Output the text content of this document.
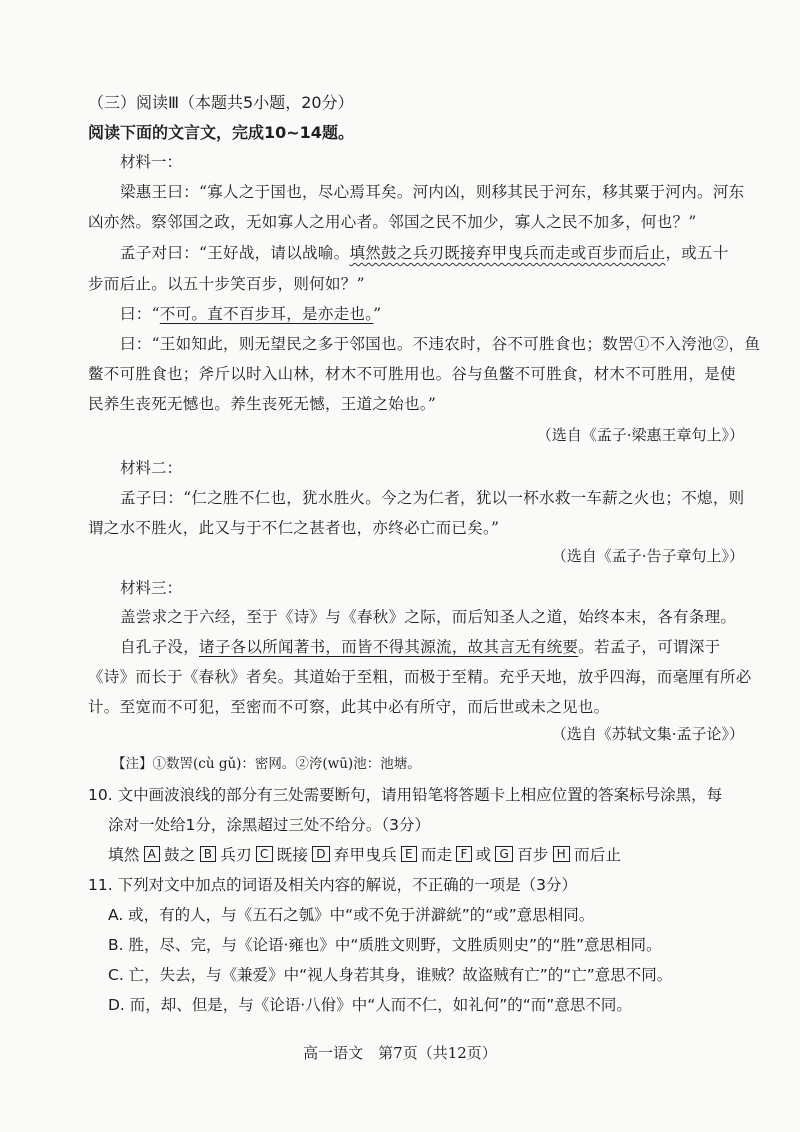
（三）阅读Ⅲ（本题共5小题，20分）
阅读下面的文言文，完成10~14题。
材料一：
梁惠王曰：“寡人之于国也，尽心焉耳矣。河内凶，则移其民于河东，移其粟于河内。河东
凶亦然。察邻国之政，无如寡人之用心者。邻国之民不加少，寡人之民不加多，何也？”
孟子对曰：“王好战，请以战喻。填然鼓之兵刃既接弃甲曳兵而走或百步而后止，或五十
步而后止。以五十步笑百步，则何如？”
曰：“不可。直不百步耳，是亦走也。”
曰：“王如知此，则无望民之多于邻国也。不违农时，谷不可胜食也；数罟①不入洿池②，鱼
鳖不可胜食也；斧斤以时入山林，材木不可胜用也。谷与鱼鳖不可胜食，材木不可胜用，是使
民养生丧死无憾也。养生丧死无憾，王道之始也。”
（选自《孟子·梁惠王章句上》）
材料二：
孟子曰：“仁之胜不仁也，犹水胜火。今之为仁者，犹以一杯水救一车薪之火也；不熄，则
谓之水不胜火，此又与于不仁之甚者也，亦终必亡而已矣。”
（选自《孟子·告子章句上》）
材料三：
盖尝求之于六经，至于《诗》与《春秋》之际，而后知圣人之道，始终本末，各有条理。
自孔子没，诸子各以所闻著书，而皆不得其源流，故其言无有统要。若孟子，可谓深于
《诗》而长于《春秋》者矣。其道始于至粗，而极于至精。充乎天地，放乎四海，而毫厘有所必
计。至宽而不可犯，至密而不可察，此其中必有所守，而后世或未之见也。
（选自《苏轼文集·孟子论》）
【注】①数罟(cù gǔ)：密网。②洿(wū)池：池塘。
10. 文中画波浪线的部分有三处需要断句，请用铅笔将答题卡上相应位置的答案标号涂黑，每
涂对一处给1分，涂黑超过三处不给分。（3分）
填然 A 鼓之 B 兵刃 C 既接 D 弃甲曳兵 E 而走 F 或 G 百步 H 而后止
11. 下列对文中加点的词语及相关内容的解说，不正确的一项是（3分）
A. 或，有的人，与《五石之瓠》中“或不免于洴澼絖”的“或”意思相同。
B. 胜，尽、完，与《论语·雍也》中“质胜文则野，文胜质则史”的“胜”意思相同。
C. 亡，失去，与《兼爱》中“视人身若其身，谁贼？故盗贼有亡”的“亡”意思不同。
D. 而，却、但是，与《论语·八佾》中“人而不仁，如礼何”的“而”意思不同。
高一语文　第7页（共12页）
